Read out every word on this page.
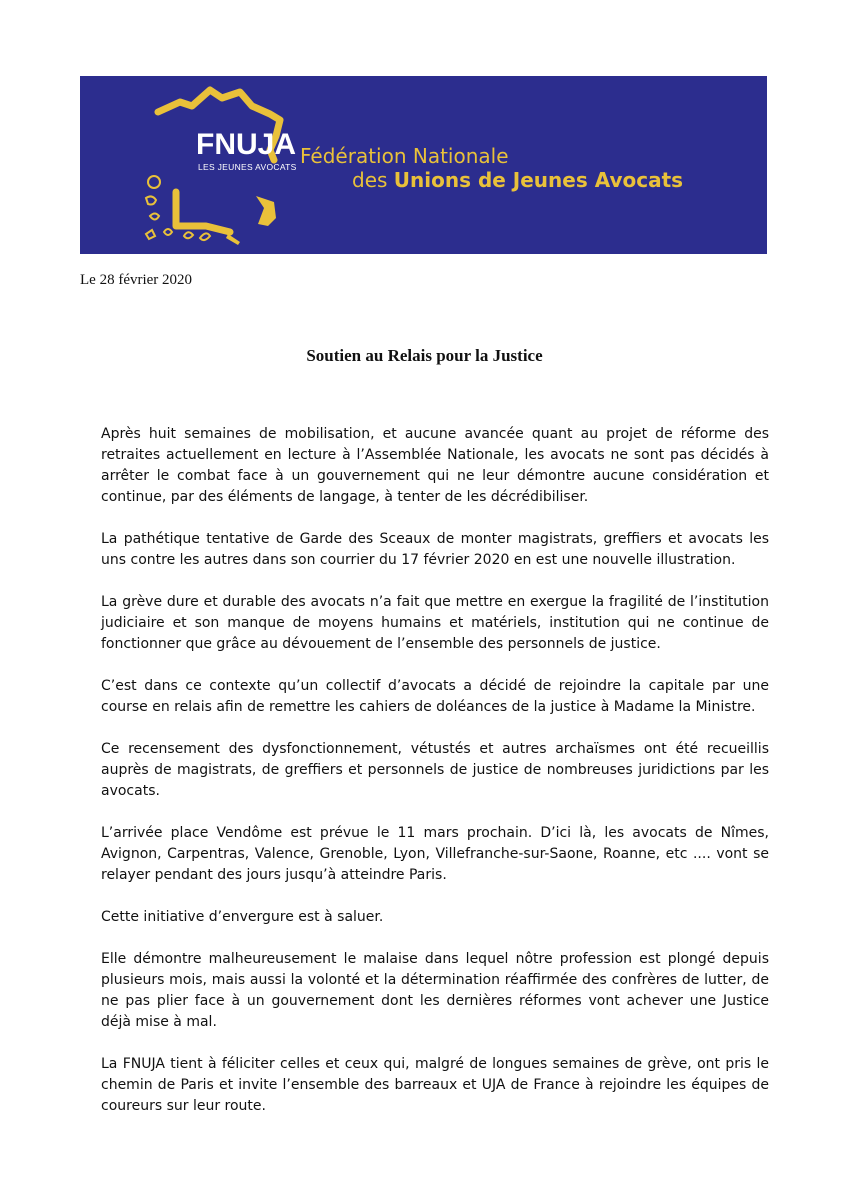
FNUJA
LES JEUNES AVOCATS Fédération Nationale
des Unions de Jeunes Avocats
Le 28 février 2020
Soutien au Relais pour la Justice

Après huit semaines de mobilisation, et aucune avancée quant au projet de réforme des retraites actuellement en lecture à l’Assemblée Nationale, les avocats ne sont pas décidés à arrêter le combat face à un gouvernement qui ne leur démontre aucune considération et continue, par des éléments de langage, à tenter de les décrédibiliser.

La pathétique tentative de Garde des Sceaux de monter magistrats, greffiers et avocats les uns contre les autres dans son courrier du 17 février 2020 en est une nouvelle illustration.

La grève dure et durable des avocats n’a fait que mettre en exergue la fragilité de l’institution judiciaire et son manque de moyens humains et matériels, institution qui ne continue de fonctionner que grâce au dévouement de l’ensemble des personnels de justice.

C’est dans ce contexte qu’un collectif d’avocats a décidé de rejoindre la capitale par une course en relais afin de remettre les cahiers de doléances de la justice à Madame la Ministre.

Ce recensement des dysfonctionnement, vétustés et autres archaïsmes ont été recueillis auprès de magistrats, de greffiers et personnels de justice de nombreuses juridictions par les avocats.

L’arrivée place Vendôme est prévue le 11 mars prochain. D’ici là, les avocats de Nîmes, Avignon, Carpentras, Valence, Grenoble, Lyon, Villefranche-sur-Saone, Roanne, etc .... vont se relayer pendant des jours jusqu’à atteindre Paris.

Cette initiative d’envergure est à saluer.

Elle démontre malheureusement le malaise dans lequel nôtre profession est plongé depuis plusieurs mois, mais aussi la volonté et la détermination réaffirmée des confrères de lutter, de ne pas plier face à un gouvernement dont les dernières réformes vont achever une Justice déjà mise à mal.

La FNUJA tient à féliciter celles et ceux qui, malgré de longues semaines de grève, ont pris le chemin de Paris et invite l’ensemble des barreaux et UJA de France à rejoindre les équipes de coureurs sur leur route.
